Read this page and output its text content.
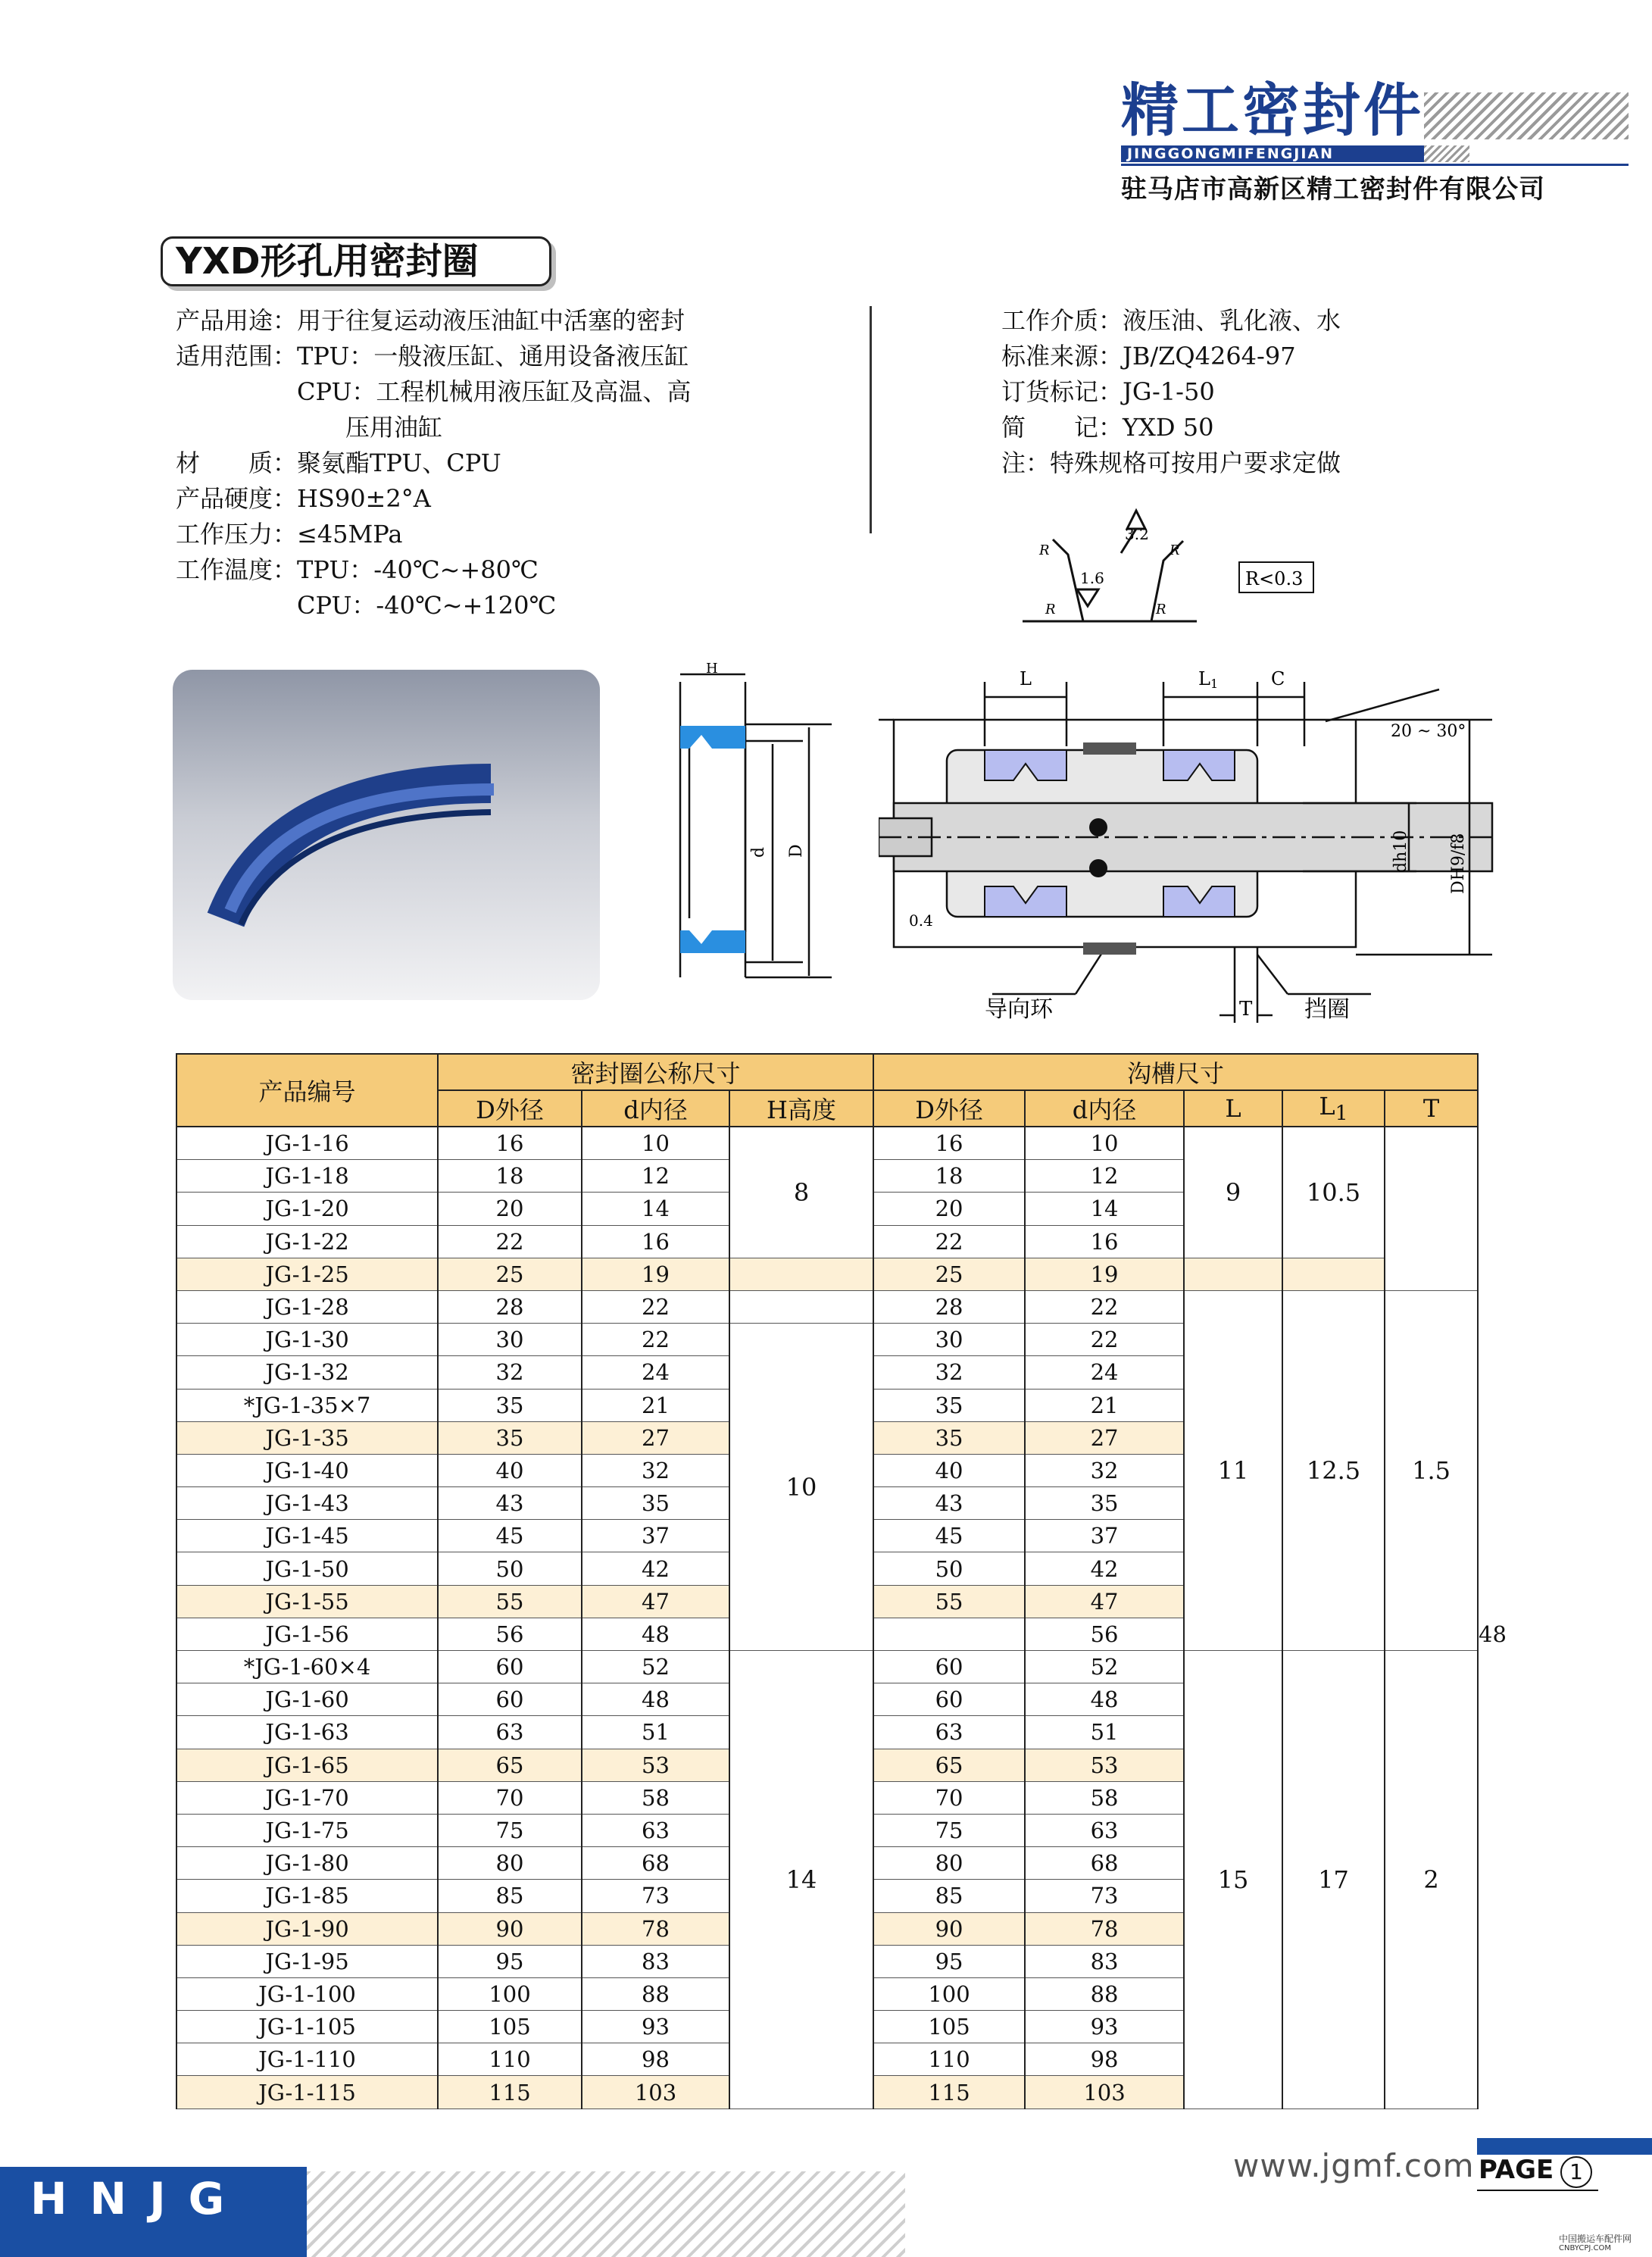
精工密封件
JINGGONGMIFENGJIAN
驻马店市高新区精工密封件有限公司
YXD形孔用密封圈
产品用途：用于往复运动液压油缸中活塞的密封
适用范围：TPU：一般液压缸、通用设备液压缸
　　　　　CPU：工程机械用液压缸及高温、高
　　　　　　　压用油缸
材　　质：聚氨酯TPU、CPU
产品硬度：HS90±2°A
工作压力：≤45MPa
工作温度：TPU：-40℃~+80℃
　　　　　CPU：-40℃~+120℃
工作介质：液压油、乳化液、水
标准来源：JB/ZQ4264-97
订货标记：JG-1-50
简　　记：YXD 50
注：特殊规格可按用户要求定做
3.2
1.6
R	R
R	R
R<0.3
H
d D
L	L1	C
20 ~ 30°
0.4
dh10 DH9/f8
导向环	T 挡圈
产品编号	密封圈公称尺寸			沟槽尺寸					
	D外径	d内径	H高度	D外径	d内径	L	$L_1$	T	
JG-1-16	16	10	8	16	10	9	10.5		
JG-1-18	18	12		18	12				
JG-1-20	20	14		20	14				
JG-1-22	22	16		22	16				
JG-1-25	25	19		25	19				
JG-1-28	28	22		28	22	11	12.5	1.5	
JG-1-30	30	22	10	30	22				
JG-1-32	32	24		32	24				
*JG-1-35×7	35	21		35	21				
JG-1-35	35	27		35	27				
JG-1-40	40	32		40	32				
JG-1-43	43	35		43	35				
JG-1-45	45	37		45	37				
JG-1-50	50	42		50	42				
JG-1-55	55	47		55	47				
JG-1-56	56	48			56				48		
*JG-1-60×4	60	52	14	60	52	15	17	2	
JG-1-60	60	48		60	48				
JG-1-63	63	51		63	51				
JG-1-65	65	53		65	53				
JG-1-70	70	58		70	58				
JG-1-75	75	63		75	63				
JG-1-80	80	68		80	68				
JG-1-85	85	73		85	73				
JG-1-90	90	78		90	78				
JG-1-95	95	83		95	83				
JG-1-100	100	88		100	88				
JG-1-105	105	93		105	93				
JG-1-110	110	98		110	98				
JG-1-115	115	103		115	103				
HNJG
www.jgmf.com PAGE 1
中国搬运车配件网
CNBYCPJ.COM
